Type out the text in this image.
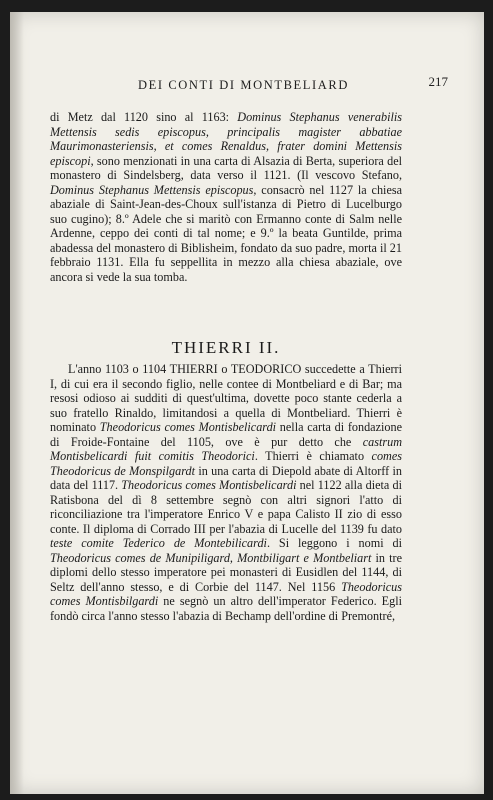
DEI CONTI DI MONTBELIARD	217

di Metz dal 1120 sino al 1163: Dominus Stephanus venerabilis Mettensis sedis episcopus, principalis magister abbatiae Maurimonasteriensis, et comes Renaldus, frater domini Mettensis episcopi, sono menzionati in una carta di Alsazia di Berta, superiora del monastero di Sindelsberg, data verso il 1121. (Il vescovo Stefano, Dominus Stephanus Mettensis episcopus, consacrò nel 1127 la chiesa abaziale di Saint-Jean-des-Choux sull'istanza di Pietro di Lucelburgo suo cugino); 8.º Adele che si maritò con Ermanno conte di Salm nelle Ardenne, ceppo dei conti di tal nome; e 9.º la beata Guntilde, prima abadessa del monastero di Biblisheim, fondato da suo padre, morta il 21 febbraio 1131. Ella fu seppellita in mezzo alla chiesa abaziale, ove ancora si vede la sua tomba.

THIERRI II.

L'anno 1103 o 1104 THIERRI o TEODORICO succedette a Thierri I, di cui era il secondo figlio, nelle contee di Montbeliard e di Bar; ma resosi odioso ai sudditi di quest'ultima, dovette poco stante cederla a suo fratello Rinaldo, limitandosi a quella di Montbeliard. Thierri è nominato Theodoricus comes Montisbelicardi nella carta di fondazione di Froide-Fontaine del 1105, ove è pur detto che castrum Montisbelicardi fuit comitis Theodorici. Thierri è chiamato comes Theodoricus de Monspilgardt in una carta di Diepold abate di Altorff in data del 1117. Theodoricus comes Montisbelicardi nel 1122 alla dieta di Ratisbona del dì 8 settembre segnò con altri signori l'atto di riconciliazione tra l'imperatore Enrico V e papa Calisto II zio di esso conte. Il diploma di Corrado III per l'abazia di Lucelle del 1139 fu dato teste comite Tederico de Montebilicardi. Si leggono i nomi di Theodoricus comes de Munipiligard, Montbiligart e Montbeliart in tre diplomi dello stesso imperatore pei monasteri di Eusidlen del 1144, di Seltz dell'anno stesso, e di Corbie del 1147. Nel 1156 Theodoricus comes Montisbilgardi ne segnò un altro dell'imperator Federico. Egli fondò circa l'anno stesso l'abazia di Bechamp dell'ordine di Premontré,
